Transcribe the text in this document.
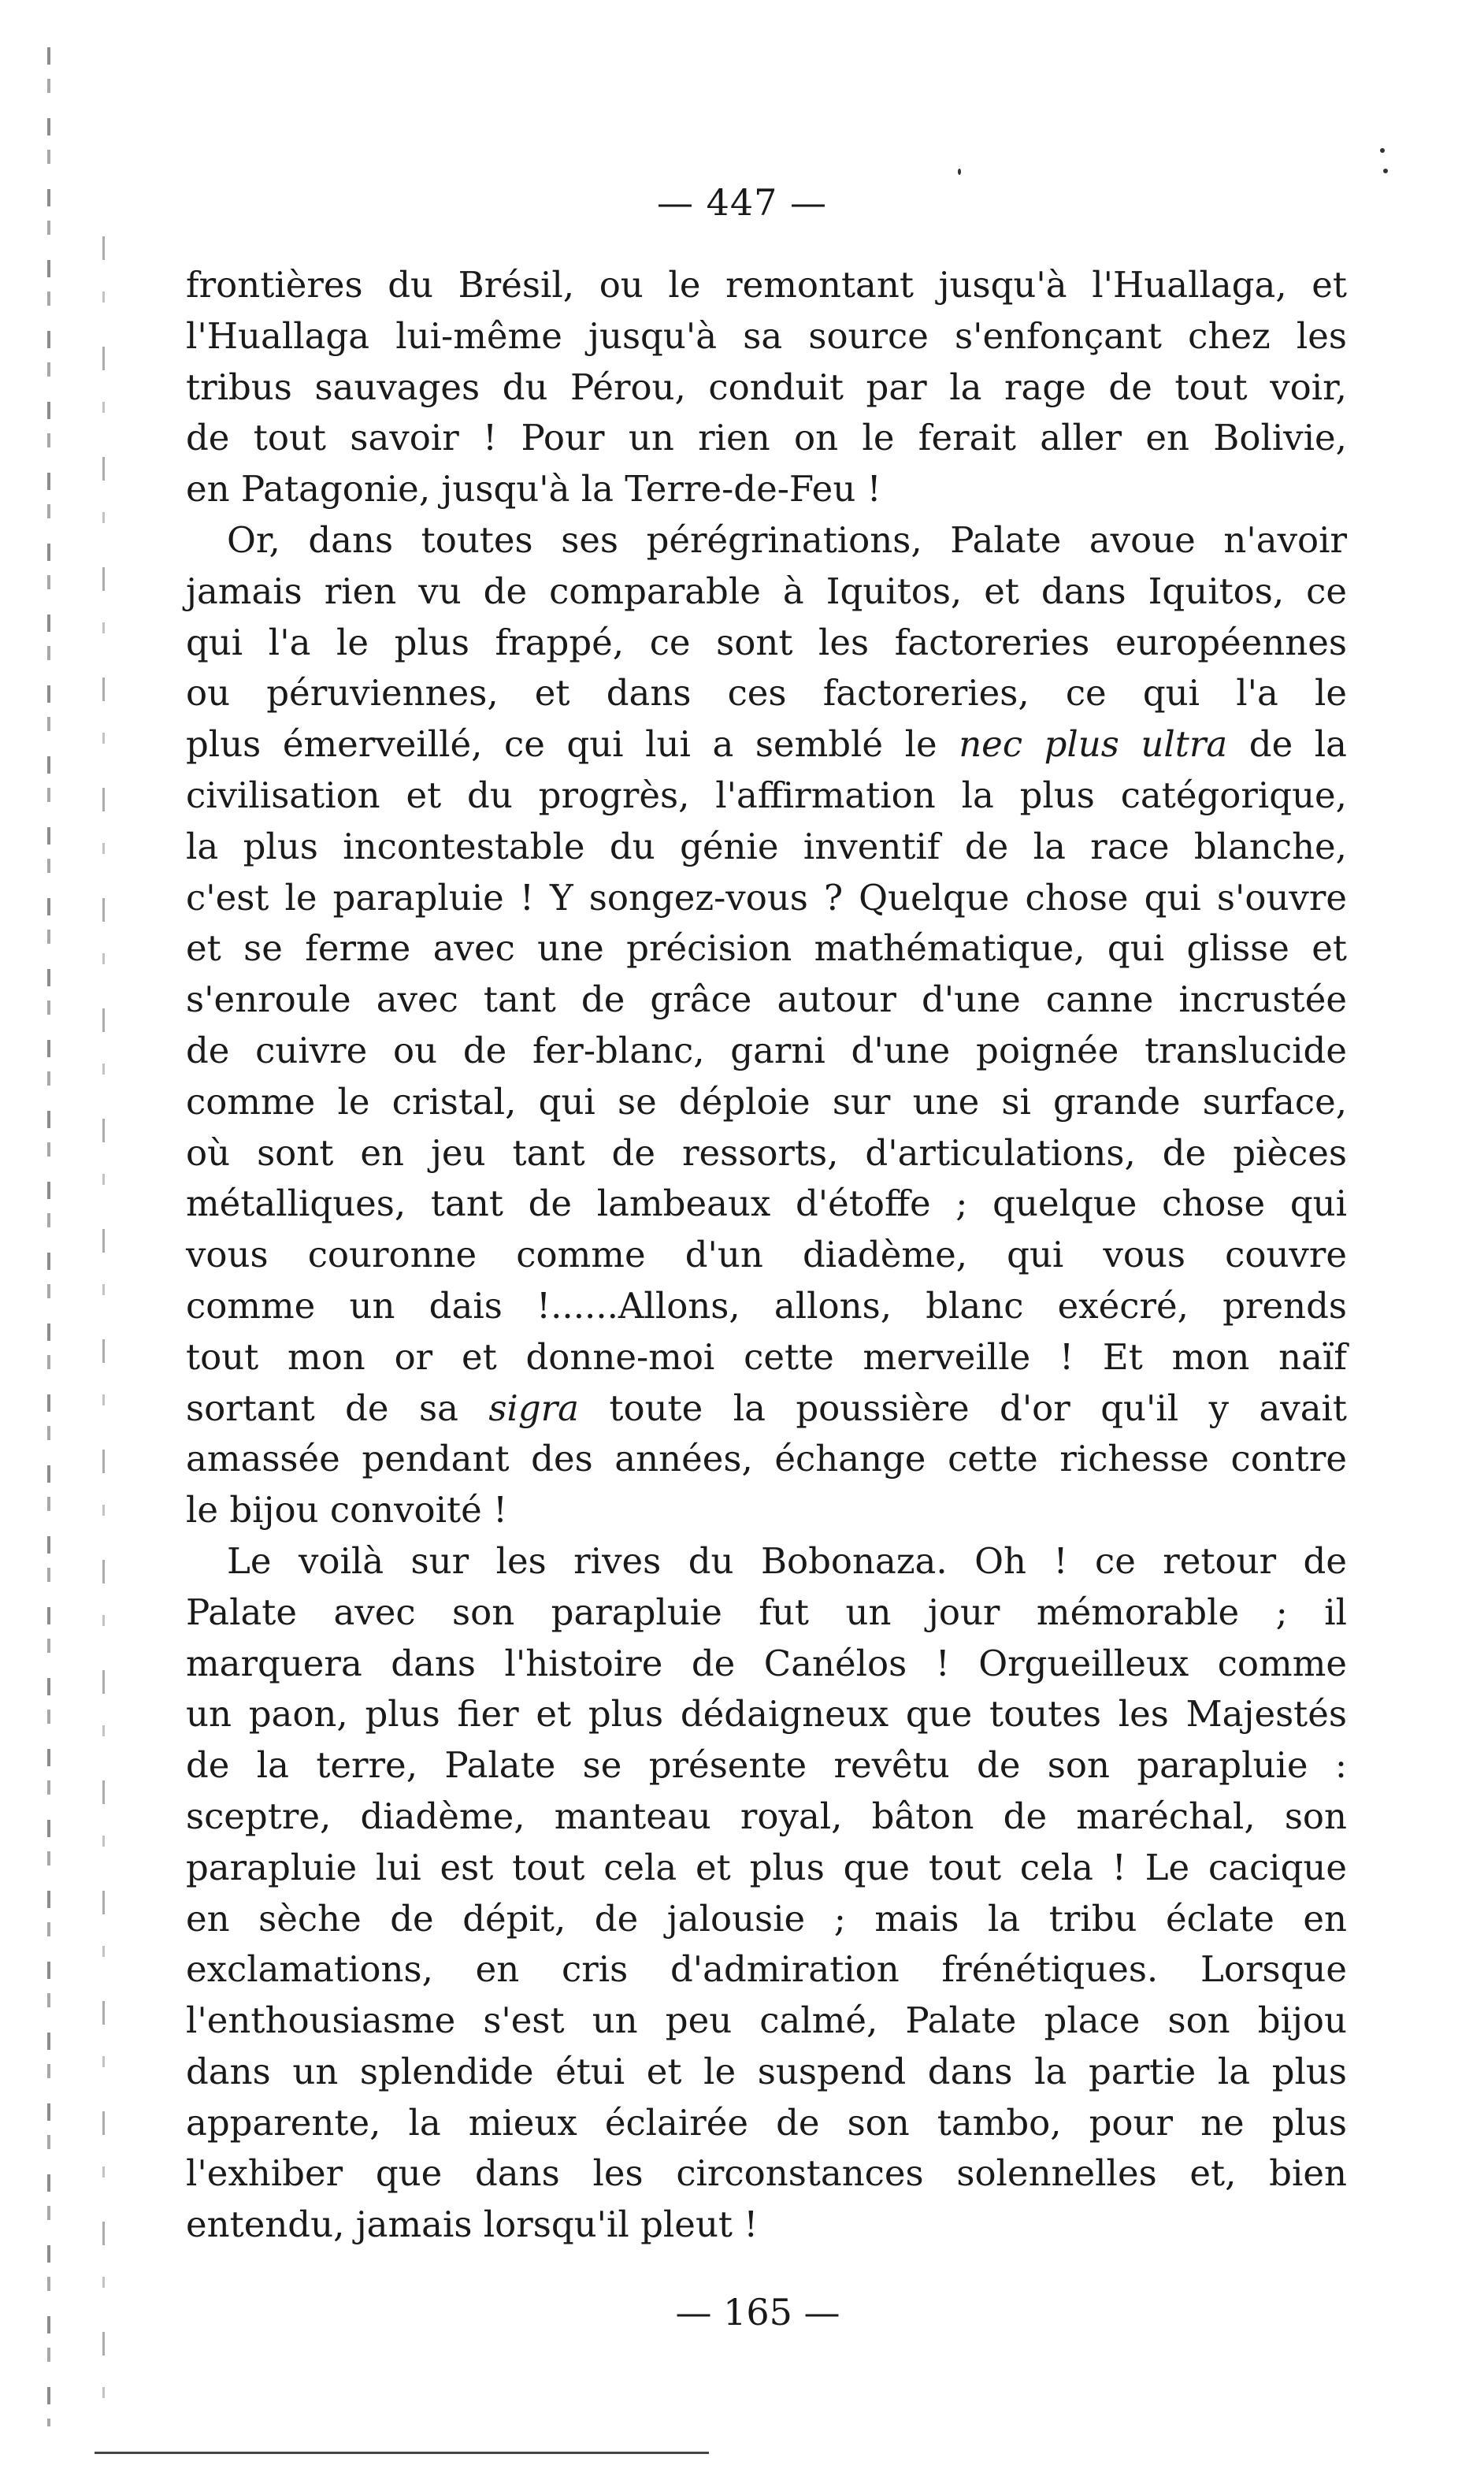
— 447 —
frontières du Brésil, ou le remontant jusqu'à l'Huallaga, et
l'Huallaga lui-même jusqu'à sa source s'enfonçant chez les
tribus sauvages du Pérou, conduit par la rage de tout voir,
de tout savoir ! Pour un rien on le ferait aller en Bolivie,
en Patagonie, jusqu'à la Terre-de-Feu !
Or, dans toutes ses pérégrinations, Palate avoue n'avoir
jamais rien vu de comparable à Iquitos, et dans Iquitos, ce
qui l'a le plus frappé, ce sont les factoreries européennes
ou péruviennes, et dans ces factoreries, ce qui l'a le
plus émerveillé, ce qui lui a semblé le nec plus ultra de la
civilisation et du progrès, l'affirmation la plus catégorique,
la plus incontestable du génie inventif de la race blanche,
c'est le parapluie ! Y songez-vous ? Quelque chose qui s'ouvre
et se ferme avec une précision mathématique, qui glisse et
s'enroule avec tant de grâce autour d'une canne incrustée
de cuivre ou de fer-blanc, garni d'une poignée translucide
comme le cristal, qui se déploie sur une si grande surface,
où sont en jeu tant de ressorts, d'articulations, de pièces
métalliques, tant de lambeaux d'étoffe ; quelque chose qui
vous couronne comme d'un diadème, qui vous couvre
comme un dais !......Allons, allons, blanc exécré, prends
tout mon or et donne-moi cette merveille ! Et mon naïf
sortant de sa sigra toute la poussière d'or qu'il y avait
amassée pendant des années, échange cette richesse contre
le bijou convoité !
Le voilà sur les rives du Bobonaza. Oh ! ce retour de
Palate avec son parapluie fut un jour mémorable ; il
marquera dans l'histoire de Canélos ! Orgueilleux comme
un paon, plus fier et plus dédaigneux que toutes les Majestés
de la terre, Palate se présente revêtu de son parapluie :
sceptre, diadème, manteau royal, bâton de maréchal, son
parapluie lui est tout cela et plus que tout cela ! Le cacique
en sèche de dépit, de jalousie ; mais la tribu éclate en
exclamations, en cris d'admiration frénétiques. Lorsque
l'enthousiasme s'est un peu calmé, Palate place son bijou
dans un splendide étui et le suspend dans la partie la plus
apparente, la mieux éclairée de son tambo, pour ne plus
l'exhiber que dans les circonstances solennelles et, bien
entendu, jamais lorsqu'il pleut !
— 165 —
